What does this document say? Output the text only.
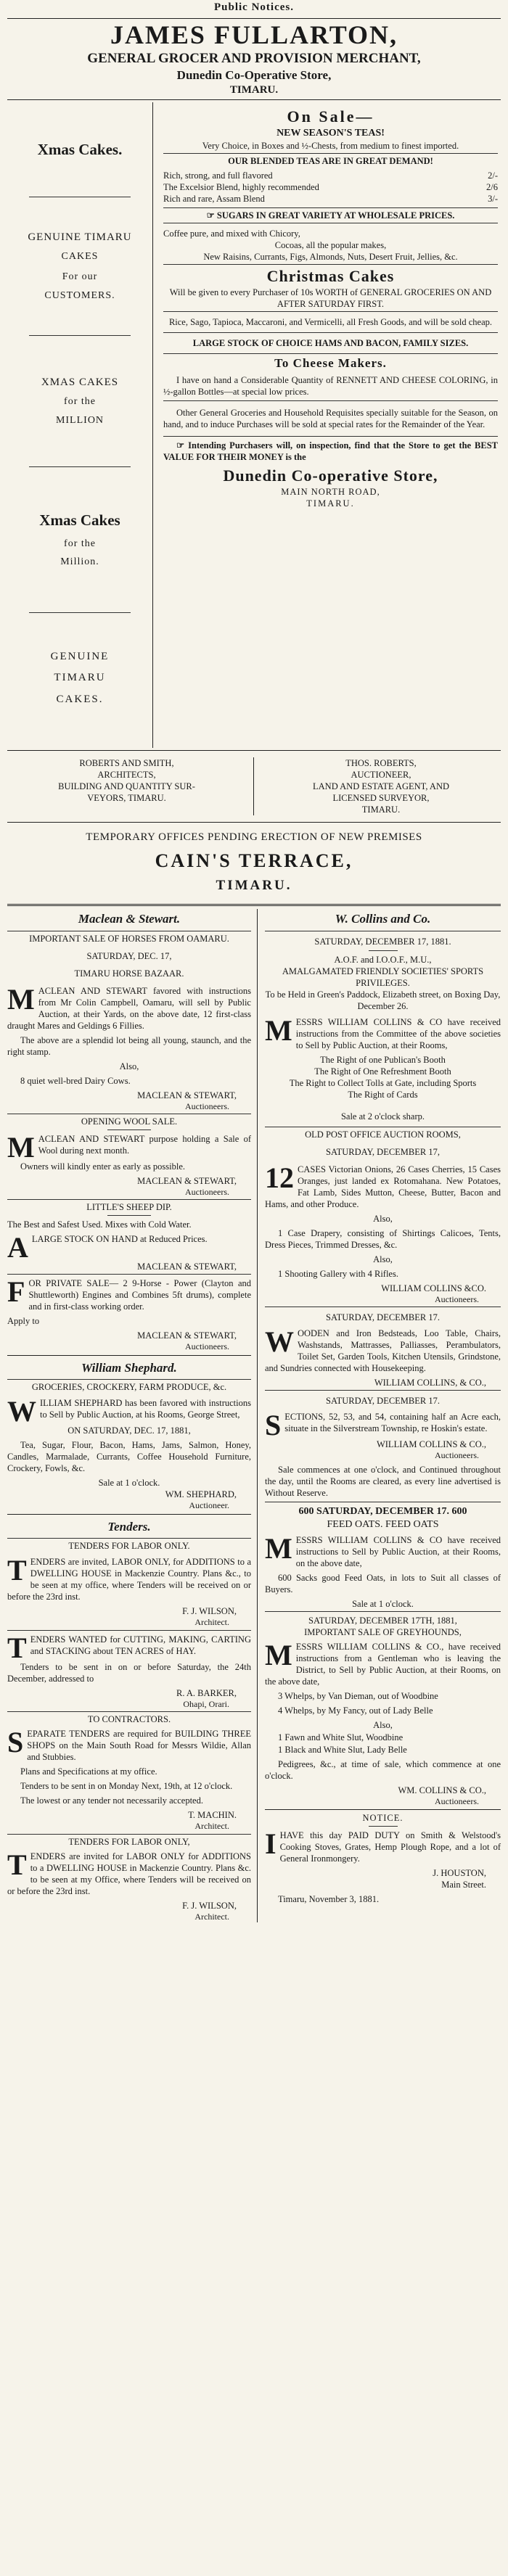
Public Notices.
JAMES FULLARTON,
GENERAL GROCER AND PROVISION MERCHANT,
Dunedin Co-Operative Store,
TIMARU.
Xmas Cakes.
GENUINE TIMARU
CAKES
For our
CUSTOMERS.
XMAS CAKES
for the
MILLION
Xmas Cakes
for the
Million.
GENUINE
TIMARU
CAKES.
On Sale—
NEW SEASON'S TEAS!
Very Choice, in Boxes and ½-Chests, from medium to finest imported.
OUR BLENDED TEAS ARE IN GREAT DEMAND!
Rich, strong, and full flavored	2/-
The Excelsior Blend, highly recommended	2/6
Rich and rare, Assam Blend	3/-
☞ SUGARS IN GREAT VARIETY AT WHOLESALE PRICES.
Coffee pure, and mixed with Chicory,
Cocoas, all the popular makes,
New Raisins, Currants, Figs, Almonds, Nuts, Desert Fruit, Jellies, &c.
Christmas Cakes
Will be given to every Purchaser of 10s WORTH of GENERAL GROCERIES ON AND AFTER SATURDAY FIRST.
Rice, Sago, Tapioca, Maccaroni, and Vermicelli, all Fresh Goods, and will be sold cheap.
LARGE STOCK OF CHOICE HAMS AND BACON, FAMILY SIZES.
To Cheese Makers.
I have on hand a Considerable Quantity of RENNETT AND CHEESE COLORING, in ½-gallon Bottles—at special low prices.
Other General Groceries and Household Requisites specially suitable for the Season, on hand, and to induce Purchases will be sold at special rates for the Remainder of the Year.
☞ Intending Purchasers will, on inspection, find that the Store to get the BEST VALUE FOR THEIR MONEY is the
Dunedin Co-operative Store,
MAIN NORTH ROAD,
TIMARU.
ROBERTS AND SMITH,
ARCHITECTS,
BUILDING AND QUANTITY SUR-
VEYORS, TIMARU.
THOS. ROBERTS,
AUCTIONEER,
LAND AND ESTATE AGENT, AND
LICENSED SURVEYOR,
TIMARU.
TEMPORARY OFFICES PENDING ERECTION OF NEW PREMISES
CAIN'S TERRACE,
TIMARU.
Maclean & Stewart.
IMPORTANT SALE OF HORSES FROM OAMARU.
SATURDAY, DEC. 17,
TIMARU HORSE BAZAAR.
MACLEAN AND STEWART favored with instructions from Mr Colin Campbell, Oamaru, will sell by Public Auction, at their Yards, on the above date, 12 first-class draught Mares and Geldings 6 Fillies.
The above are a splendid lot being all young, staunch, and the right stamp.
Also,
8 quiet well-bred Dairy Cows.
MACLEAN & STEWART,
Auctioneers.
OPENING WOOL SALE.
MACLEAN AND STEWART purpose holding a Sale of Wool during next month.
Owners will kindly enter as early as possible.
MACLEAN & STEWART,
Auctioneers.
LITTLE'S SHEEP DIP.
The Best and Safest Used. Mixes with Cold Water.
ALARGE STOCK ON HAND at Reduced Prices.
MACLEAN & STEWART,
FOR PRIVATE SALE— 2 9-Horse - Power (Clayton and Shuttleworth) Engines and Combines 5ft drums), complete and in first-class working order.
Apply to
MACLEAN & STEWART,
Auctioneers.
William Shephard.
GROCERIES, CROCKERY, FARM PRODUCE, &c.
WILLIAM SHEPHARD has been favored with instructions to Sell by Public Auction, at his Rooms, George Street,
ON SATURDAY, DEC. 17, 1881,
Tea, Sugar, Flour, Bacon, Hams, Jams, Salmon, Honey, Candles, Marmalade, Currants, Coffee Household Furniture, Crockery, Fowls, &c.
Sale at 1 o'clock.
WM. SHEPHARD,
Auctioneer.
Tenders.
TENDERS FOR LABOR ONLY.
TENDERS are invited, LABOR ONLY, for ADDITIONS to a DWELLING HOUSE in Mackenzie Country. Plans &c., to be seen at my office, where Tenders will be received on or before the 23rd inst.
F. J. WILSON,
Architect.
TENDERS WANTED for CUTTING, MAKING, CARTING and STACKING about TEN ACRES of HAY.
Tenders to be sent in on or before Saturday, the 24th December, addressed to
R. A. BARKER,
Ohapi, Orari.
TO CONTRACTORS.
SEPARATE TENDERS are required for BUILDING THREE SHOPS on the Main South Road for Messrs Wildie, Allan and Stubbies.
Plans and Specifications at my office.
Tenders to be sent in on Monday Next, 19th, at 12 o'clock.
The lowest or any tender not necessarily accepted.
T. MACHIN.
Architect.
TENDERS FOR LABOR ONLY,
TENDERS are invited for LABOR ONLY for ADDITIONS to a DWELLING HOUSE in Mackenzie Country. Plans &c. to be seen at my Office, where Tenders will be received on or before the 23rd inst.
F. J. WILSON,
Architect.
W. Collins and Co.
SATURDAY, DECEMBER 17, 1881.
A.O.F. and I.O.O.F., M.U.,
AMALGAMATED FRIENDLY SOCIETIES' SPORTS PRIVILEGES.
To be Held in Green's Paddock, Elizabeth street, on Boxing Day, December 26.
MESSRS WILLIAM COLLINS & CO have received instructions from the Committee of the above societies to Sell by Public Auction, at their Rooms,
The Right of one Publican's Booth
The Right of One Refreshment Booth
The Right to Collect Tolls at Gate, including Sports
The Right of Cards
Sale at 2 o'clock sharp.
OLD POST OFFICE AUCTION ROOMS,
SATURDAY, DECEMBER 17,
12 CASES Victorian Onions, 26 Cases Cherries, 15 Cases Oranges, just landed ex Rotomahana. New Potatoes, Fat Lamb, Sides Mutton, Cheese, Butter, Bacon and Hams, and other Produce.
Also,
1 Case Drapery, consisting of Shirtings Calicoes, Tents, Dress Pieces, Trimmed Dresses, &c.
Also,
1 Shooting Gallery with 4 Rifles.
WILLIAM COLLINS &CO.
Auctioneers.
SATURDAY, DECEMBER 17.
WOODEN and Iron Bedsteads, Loo Table, Chairs, Washstands, Mattrasses, Palliasses, Perambulators, Toilet Set, Garden Tools, Kitchen Utensils, Grindstone, and Sundries connected with Housekeeping.
WILLIAM COLLINS, & CO.,
SATURDAY, DECEMBER 17.
SECTIONS, 52, 53, and 54, containing half an Acre each, situate in the Silverstream Township, re Hoskin's estate.
WILLIAM COLLINS & CO.,
Auctioneers.
Sale commences at one o'clock, and Continued throughout the day, until the Rooms are cleared, as every line advertised is Without Reserve.
600 SATURDAY, DECEMBER 17. 600
FEED OATS. FEED OATS
MESSRS WILLIAM COLLINS & CO have received instructions to Sell by Public Auction, at their Rooms, on the above date,
600 Sacks good Feed Oats, in lots to Suit all classes of Buyers.
Sale at 1 o'clock.
SATURDAY, DECEMBER 17TH, 1881,
IMPORTANT SALE OF GREYHOUNDS,
MESSRS WILLIAM COLLINS & CO., have received instructions from a Gentleman who is leaving the District, to Sell by Public Auction, at their Rooms, on the above date,
3 Whelps, by Van Dieman, out of Woodbine
4 Whelps, by My Fancy, out of Lady Belle
Also,
1 Fawn and White Slut, Woodbine
1 Black and White Slut, Lady Belle
Pedigrees, &c., at time of sale, which commence at one o'clock.
WM. COLLINS & CO.,
Auctioneers.
NOTICE.
IHAVE this day PAID DUTY on Smith & Welstood's Cooking Stoves, Grates, Hemp Plough Rope, and a lot of General Ironmongery.
J. HOUSTON,
Main Street.
Timaru, November 3, 1881.
